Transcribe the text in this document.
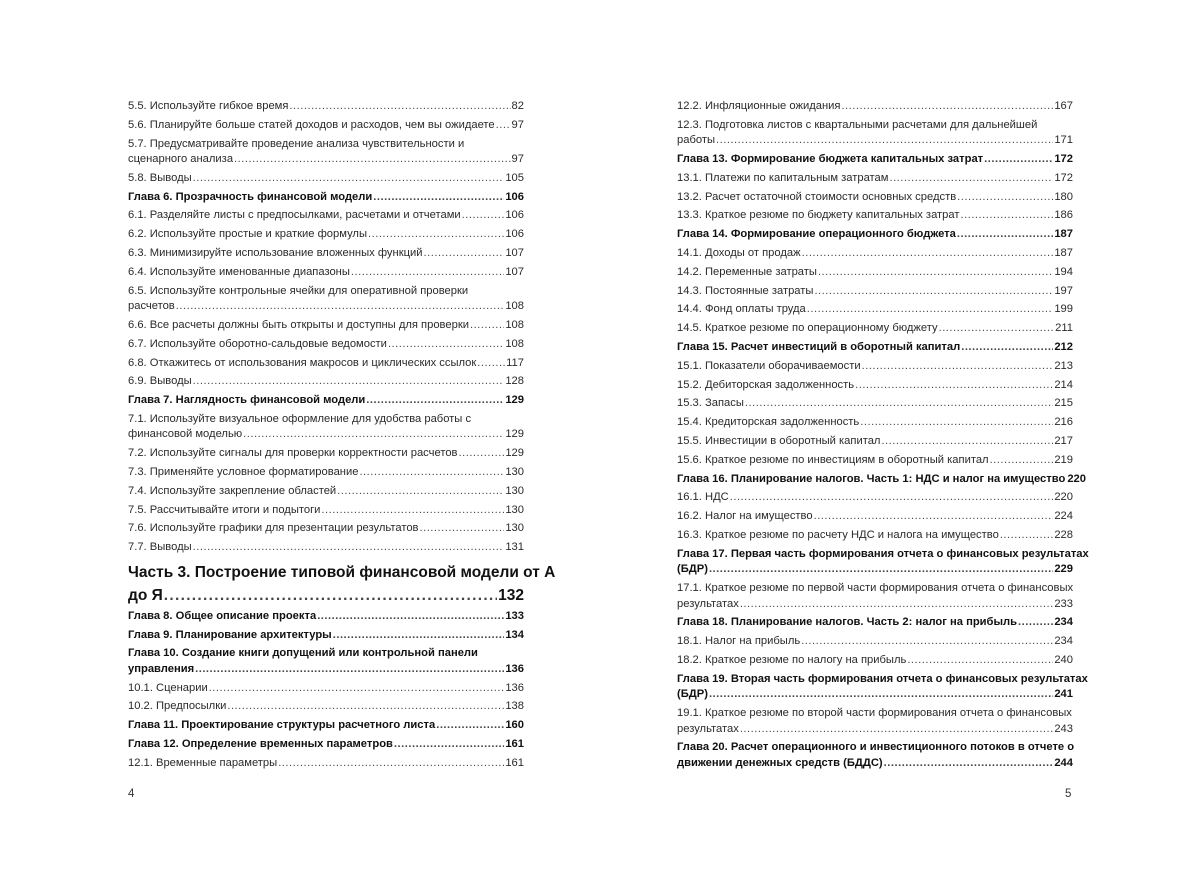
5.5. Используйте гибкое время .....	82
5.6. Планируйте больше статей доходов и расходов, чем вы ожидаете ..... 97
5.7. Предусматривайте проведение анализа чувствительности и
сценарного анализа .....	97
5.8. Выводы .....	105
Глава 6. Прозрачность финансовой модели .....	106
6.1. Разделяйте листы с предпосылками, расчетами и отчетами .....	106
6.2. Используйте простые и краткие формулы .....	106
6.3. Минимизируйте использование вложенных функций .....	107
6.4. Используйте именованные диапазоны .....	107
6.5. Используйте контрольные ячейки для оперативной проверки
расчетов .....	108
6.6. Все расчеты должны быть открыты и доступны для проверки .....	108
6.7. Используйте оборотно-сальдовые ведомости .....	108
6.8. Откажитесь от использования макросов и циклических ссылок .....	117
6.9. Выводы .....	128
Глава 7. Наглядность финансовой модели .....	129
7.1. Используйте визуальное оформление для удобства работы с
финансовой моделью .....	129
7.2. Используйте сигналы для проверки корректности расчетов .....	129
7.3. Применяйте условное форматирование .....	130
7.4. Используйте закрепление областей .....	130
7.5. Рассчитывайте итоги и подытоги .....	130
7.6. Используйте графики для презентации результатов .....	130
7.7. Выводы .....	131
Часть 3. Построение типовой финансовой модели от А
до Я .....	132
Глава 8. Общее описание проекта .....	133
Глава 9. Планирование архитектуры .....	134
Глава 10. Создание книги допущений или контрольной панели
управления .....	136
10.1. Сценарии .....	136
10.2. Предпосылки .....	138
Глава 11. Проектирование структуры расчетного листа .....	160
Глава 12. Определение временных параметров .....	161
12.1. Временные параметры .....	161
4
12.2. Инфляционные ожидания .....	167
12.3. Подготовка листов с квартальными расчетами для дальнейшей
работы .....	171
Глава 13. Формирование бюджета капитальных затрат .....	172
13.1. Платежи по капитальным затратам .....	172
13.2. Расчет остаточной стоимости основных средств .....	180
13.3. Краткое резюме по бюджету капитальных затрат .....	186
Глава 14. Формирование операционного бюджета .....	187
14.1. Доходы от продаж .....	187
14.2. Переменные затраты .....	194
14.3. Постоянные затраты .....	197
14.4. Фонд оплаты труда .....	199
14.5. Краткое резюме по операционному бюджету .....	211
Глава 15. Расчет инвестиций в оборотный капитал .....	212
15.1. Показатели оборачиваемости .....	213
15.2. Дебиторская задолженность .....	214
15.3. Запасы .....	215
15.4. Кредиторская задолженность .....	216
15.5. Инвестиции в оборотный капитал .....	217
15.6. Краткое резюме по инвестициям в оборотный капитал .....	219
Глава 16. Планирование налогов. Часть 1: НДС и налог на имущество 220
16.1. НДС .....	220
16.2. Налог на имущество .....	224
16.3. Краткое резюме по расчету НДС и налога на имущество .....	228
Глава 17. Первая часть формирования отчета о финансовых результатах
(БДР) .....	229
17.1. Краткое резюме по первой части формирования отчета о финансовых
результатах .....	233
Глава 18. Планирование налогов. Часть 2: налог на прибыль .....	234
18.1. Налог на прибыль .....	234
18.2. Краткое резюме по налогу на прибыль .....	240
Глава 19. Вторая часть формирования отчета о финансовых результатах
(БДР) .....	241
19.1. Краткое резюме по второй части формирования отчета о финансовых
результатах .....	243
Глава 20. Расчет операционного и инвестиционного потоков в отчете о
движении денежных средств (БДДС) .....	244
5
